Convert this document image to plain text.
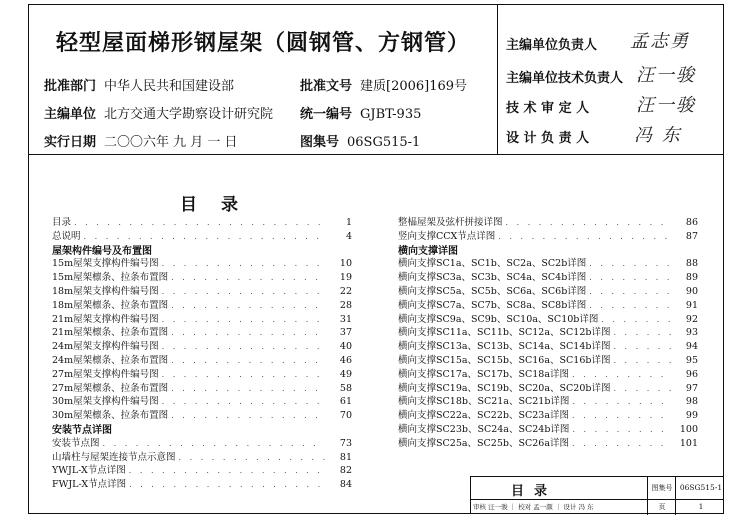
轻型屋面梯形钢屋架（圆钢管、方钢管）
批准部门 中华人民共和国建设部	批准文号 建质[2006]169号
主编单位 北方交通大学勘察设计研究院 统一编号 GJBT-935
实行日期 二〇〇六年 九 月 一 日	图集号 06SG515-1
主编单位负责人 孟志勇
主编单位技术负责人 汪一骏
技 术 审 定 人	汪一骏
设 计 负 责 人 冯 东
目录
目录 . . .	1
总说明 . . .	4
屋架构件编号及布置图
15m屋架支撑构件编号图 . . .	10
15m屋架檩条、拉条布置图 . . .	19
18m屋架支撑构件编号图 . . .	22
18m屋架檩条、拉条布置图 . . .	28
21m屋架支撑构件编号图 . . .	31
21m屋架檩条、拉条布置图 . . .	37
24m屋架支撑构件编号图 . . .	40
24m屋架檩条、拉条布置图 . . .	46
27m屋架支撑构件编号图 . . .	49
27m屋架檩条、拉条布置图 . . .	58
30m屋架支撑构件编号图 . . .	61
30m屋架檩条、拉条布置图 . . .	70
安装节点详图
安装节点图 . . .	73
山墙柱与屋架连接节点示意图 . . .	81
YWJL-X节点详图 . . .	82
FWJL-X节点详图 . . .	84
整榀屋架及弦杆拼接详图 . . .	86
竖向支撑CCX节点详图 . . .	87
横向支撑详图
横向支撑SC1a、SC1b、SC2a、SC2b详图 . . .	88
横向支撑SC3a、SC3b、SC4a、SC4b详图 . . .	89
横向支撑SC5a、SC5b、SC6a、SC6b详图 . . .	90
横向支撑SC7a、SC7b、SC8a、SC8b详图 . . .	91
横向支撑SC9a、SC9b、SC10a、SC10b详图 . . .	92
横向支撑SC11a、SC11b、SC12a、SC12b详图 . . .	93
横向支撑SC13a、SC13b、SC14a、SC14b详图 . . .	94
横向支撑SC15a、SC15b、SC16a、SC16b详图 . . .	95
横向支撑SC17a、SC17b、SC18a详图 . . .	96
横向支撑SC19a、SC19b、SC20a、SC20b详图 . . .	97
横向支撑SC18b、SC21a、SC21b详图 . . .	98
横向支撑SC22a、SC22b、SC23a详图 . . .	99
横向支撑SC23b、SC24a、SC24b详图 . . .	100
横向支撑SC25a、SC25b、SC26a详图 . . .	101
目录	图集号 06SG515-1
审核 汪一骏 ｜ 校对 孟一颜 ｜ 设计 冯 东	页	1
